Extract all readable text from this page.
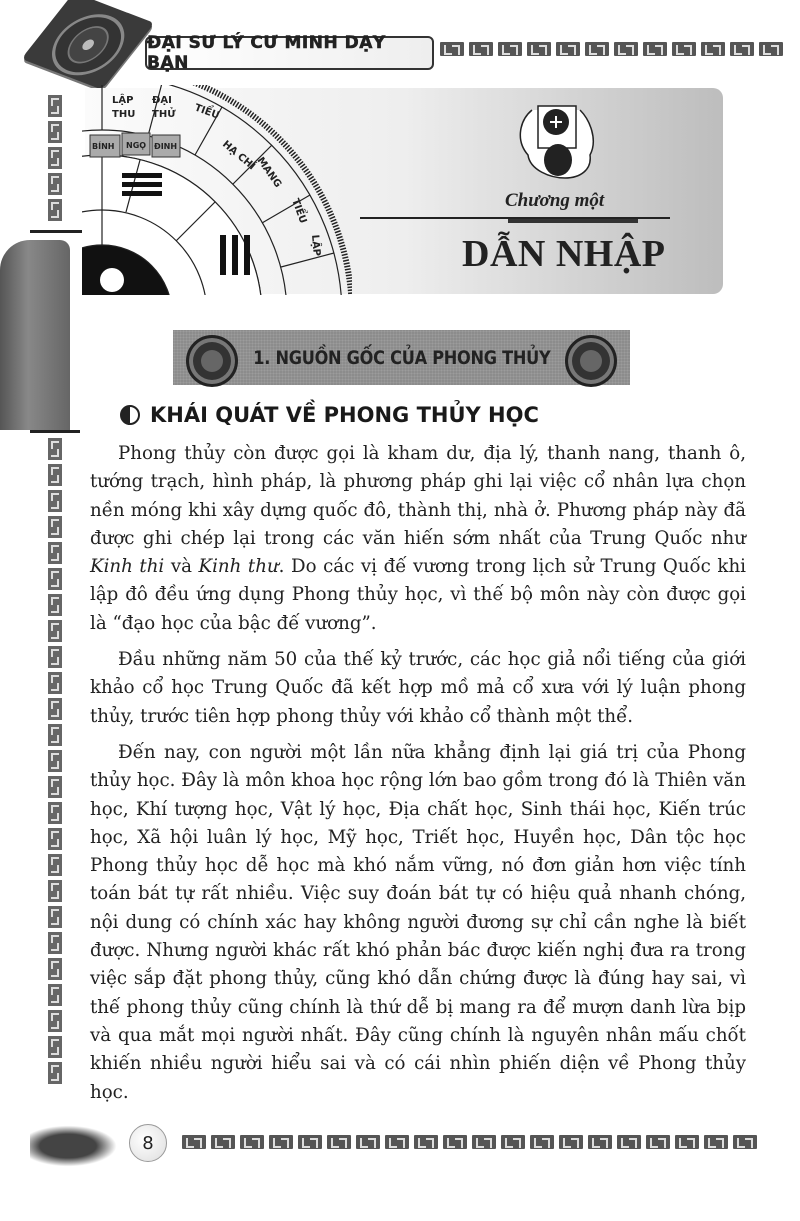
ĐẠI SƯ LÝ CƯ MINH DẠY BẠN
LẬP
THU
ĐẠI
THỬ TIỂU
HẠ CHÍ
MANG
TIỂU
LẬP
BÍNH NGỌ ĐINH
Chương một
DẪN NHẬP
1. NGUỒN GỐC CỦA PHONG THỦY
KHÁI QUÁT VỀ PHONG THỦY HỌC

Phong thủy còn được gọi là kham dư, địa lý, thanh nang, thanh ô, tướng trạch, hình pháp, là phương pháp ghi lại việc cổ nhân lựa chọn nền móng khi xây dựng quốc đô, thành thị, nhà ở. Phương pháp này đã được ghi chép lại trong các văn hiến sớm nhất của Trung Quốc như Kinh thi và Kinh thư. Do các vị đế vương trong lịch sử Trung Quốc khi lập đô đều ứng dụng Phong thủy học, vì thế bộ môn này còn được gọi là “đạo học của bậc đế vương”.

Đầu những năm 50 của thế kỷ trước, các học giả nổi tiếng của giới khảo cổ học Trung Quốc đã kết hợp mồ mả cổ xưa với lý luận phong thủy, trước tiên hợp phong thủy với khảo cổ thành một thể.

Đến nay, con người một lần nữa khẳng định lại giá trị của Phong thủy học. Đây là môn khoa học rộng lớn bao gồm trong đó là Thiên văn học, Khí tượng học, Vật lý học, Địa chất học, Sinh thái học, Kiến trúc học, Xã hội luân lý học, Mỹ học, Triết học, Huyền học, Dân tộc học Phong thủy học dễ học mà khó nắm vững, nó đơn giản hơn việc tính toán bát tự rất nhiều. Việc suy đoán bát tự có hiệu quả nhanh chóng, nội dung có chính xác hay không người đương sự chỉ cần nghe là biết được. Nhưng người khác rất khó phản bác được kiến nghị đưa ra trong việc sắp đặt phong thủy, cũng khó dẫn chứng được là đúng hay sai, vì thế phong thủy cũng chính là thứ dễ bị mang ra để mượn danh lừa bịp và qua mắt mọi người nhất. Đây cũng chính là nguyên nhân mấu chốt khiến nhiều người hiểu sai và có cái nhìn phiến diện về Phong thủy học.

8
